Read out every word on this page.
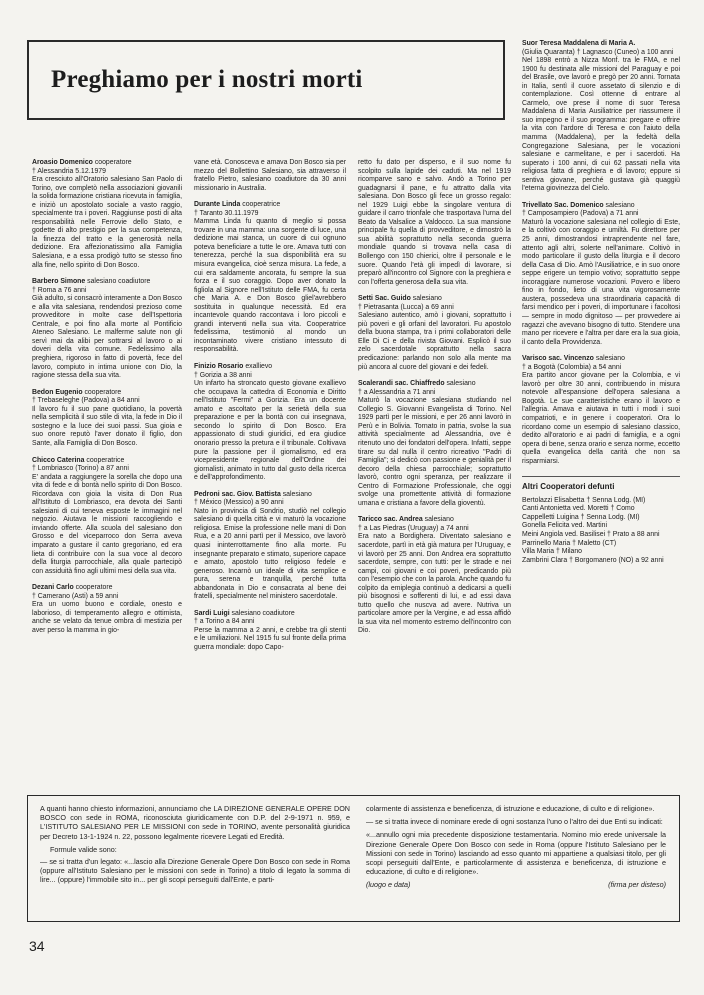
Preghiamo per i nostri morti
Aroasio Domenico cooperatore
† Alessandria 5.12.1979
Era cresciuto all'Oratorio salesiano San Paolo di Torino, ove completò nella associazioni giovanili la solida formazione cristiana ricevuta in famiglia, e iniziò un apostolato sociale a vasto raggio, specialmente tra i poveri. Raggiunse posti di alta responsabilità nelle Ferrovie dello Stato, e godette di alto prestigio per la sua competenza, la finezza del tratto e la generosità nella dedizione. Era affezionatissimo alla Famiglia Salesiana, e a essa prodigò tutto se stesso fino alla fine, nello spirito di Don Bosco.
Barbero Simone salesiano coadiutore
† Roma a 76 anni
Già adulto, si consacrò interamente a Don Bosco e alla vita salesiana, rendendosi prezioso come provveditore in molte case dell'Ispettoria Centrale, e poi fino alla morte al Pontificio Ateneo Salesiano. Le malferme salute non gli servì mai da alibi per sottrarsi al lavoro o ai doveri della vita comune. Fedelissimo alla preghiera, rigoroso in fatto di povertà, fece del lavoro, compiuto in intima unione con Dio, la ragione stessa della sua vita.
Bedon Eugenio cooperatore
† Trebaseleghe (Padova) a 84 anni
Il lavoro fu il suo pane quotidiano, la povertà nella semplicità il suo stile di vita, la fede in Dio il sostegno e la luce dei suoi passi. Sua gioia e suo onore reputò l'aver donato il figlio, don Sante, alla Famiglia di Don Bosco.
Chicco Caterina cooperatrice
† Lombriasco (Torino) a 87 anni
E' andata a raggiungere la sorella che dopo una vita di fede e di bontà nello spirito di Don Bosco. Ricordava con gioia la visita di Don Rua all'Istituto di Lombriasco, era devota dei Santi salesiani di cui teneva esposte le immagini nel negozio. Aiutava le missioni raccogliendo e inviando offerte. Alla scuola del salesiano don Grosso e del viceparroco don Serra aveva imparato a gustare il canto gregoriano, ed era lieta di contribuire con la sua voce al decoro della liturgia parrocchiale, alla quale partecipò con assiduità fino agli ultimi mesi della sua vita.
Dezani Carlo cooperatore
† Camerano (Asti) a 59 anni
Era un uomo buono e cordiale, onesto e laborioso, di temperamento allegro e ottimista, anche se velato da tenue ombra di mestizia per aver perso la mamma in gio-
vane età. Conosceva e amava Don Bosco sia per mezzo del Bollettino Salesiano, sia attraverso il fratello Pietro, salesiano coadiutore da 30 anni missionario in Australia.
Durante Linda cooperatrice
† Taranto 30.11.1979
Mamma Linda fu quanto di meglio si possa trovare in una mamma: una sorgente di luce, una dedizione mai stanca, un cuore di cui ognuno poteva beneficiare a tutte le ore. Amava tutti con tenerezza, perché la sua disponibilità era su misura evangelica, cioè senza misura. La fede, a cui era saldamente ancorata, fu sempre la sua forza e il suo coraggio. Dopo aver donato la figliola al Signore nell'Istituto delle FMA, fu certa che Maria A. e Don Bosco gliel'avrebbero sostituita in qualunque necessità. Ed era incantevole quando raccontava i loro piccoli e grandi interventi nella sua vita. Cooperatrice fedelissima, testimoniò al mondo un incontaminato vivere cristiano intessuto di responsabilità.
Finizio Rosario exallievo
† Gorizia a 38 anni
Un infarto ha stroncato questo giovane exallievo che occupava la cattedra di Economia e Diritto nell'Istituto "Fermi" a Gorizia. Era un docente amato e ascoltato per la serietà della sua preparazione e per la bontà con cui insegnava, secondo lo spirito di Don Bosco. Era appassionato di studi giuridici, ed era giudice onorario presso la pretura e il tribunale. Coltivava pure la passione per il giornalismo, ed era vicepresidente regionale dell'Ordine dei giornalisti, animato in tutto dal gusto della ricerca e dell'approfondimento.
Pedroni sac. Giov. Battista salesiano
† México (Messico) a 90 anni
Nato in provincia di Sondrio, studiò nel collegio salesiano di quella città e vi maturò la vocazione religiosa. Emise la professione nelle mani di Don Rua, e a 20 anni partì per il Messico, ove lavorò quasi ininterrottamente fino alla morte. Fu insegnante preparato e stimato, superiore capace e amato, apostolo tutto religioso fedele e generoso. Incarnò un ideale di vita semplice e pura, serena e tranquilla, perché tutta abbandonata in Dio e consacrata al bene dei fratelli, specialmente nel ministero sacerdotale.
Sardi Luigi salesiano coadiutore
† a Torino a 84 anni
Perse la mamma a 2 anni, e crebbe tra gli stenti e le umiliazioni. Nel 1915 fu sul fronte della prima guerra mondiale: dopo Capo-
retto fu dato per disperso, e il suo nome fu scolpito sulla lapide dei caduti. Ma nel 1919 ricomparve sano e salvo. Andò a Torino per guadagnarsi il pane, e fu attratto dalla vita salesiana. Don Bosco gli fece un grosso regalo: nel 1929 Luigi ebbe la singolare ventura di guidare il carro trionfale che trasportava l'urna del Beato da Valsalice a Valdocco. La sua mansione principale fu quella di provveditore, e dimostrò la sua abilità soprattutto nella seconda guerra mondiale quando si trovava nella casa di Bollengo con 150 chierici, oltre il personale e le suore. Quando l'età gli impedì di lavorare, si preparò all'incontro col Signore con la preghiera e con l'offerta generosa della sua vita.
Setti Sac. Guido salesiano
† Pietrasanta (Lucca) a 69 anni
Salesiano autentico, amò i giovani, soprattutto i più poveri e gli orfani del lavoratori. Fu apostolo della buona stampa, tra i primi collaboratori delle Elle Di Ci e della rivista Giovani. Esplicò il suo zelo sacerdotale soprattutto nella sacra predicazione: parlando non solo alla mente ma più ancora al cuore del giovani e dei fedeli.
Scalerandi sac. Chiaffredo salesiano
† a Alessandria a 71 anni
Maturò la vocazione salesiana studiando nel Collegio S. Giovanni Evangelista di Torino. Nel 1929 partì per le missioni, e per 26 anni lavorò in Perù e in Bolivia. Tornato in patria, svolse la sua attività specialmente ad Alessandria, ove è ritenuto uno dei fondatori dell'opera. Infatti, seppe tirare su dal nulla il centro ricreativo "Padri di Famiglia"; si dedicò con passione e genialità per il decoro della chiesa parrocchiale; soprattutto lavorò, contro ogni speranza, per realizzare il Centro di Formazione Professionale, che oggi svolge una promettente attività di formazione umana e cristiana a favore della gioventù.
Taricco sac. Andrea salesiano
† a Las Piedras (Uruguay) a 74 anni
Era nato a Bordighera. Diventato salesiano e sacerdote, partì in età già matura per l'Uruguay, e vi lavorò per 25 anni. Don Andrea era soprattutto sacerdote, sempre, con tutti: per le strade e nei campi, coi giovani e coi poveri, predicando più con l'esempio che con la parola. Anche quando fu colpito da emiplegia continuò a dedicarsi a quelli più bisognosi e sofferenti di lui, e ad essi dava tutto quello che nuscva ad avere. Nutriva un particolare amore per la Vergine, e ad essa affidò la sua vita nel momento estremo dell'incontro con Dio.
Suor Teresa Maddalena di Maria A.
(Giulia Quaranta) † Lagnasco (Cuneo) a 100 anni
Nel 1898 entrò a Nizza Monf. tra le FMA, e nel 1900 fu destinata alle missioni del Paraguay e poi del Brasile, ove lavorò e pregò per 20 anni. Tornata in Italia, sentì il cuore assetato di silenzio e di contemplazione. Così ottenne di entrare al Carmelo, ove prese il nome di suor Teresa Maddalena di Maria Ausiliatrice per riassumere il suo impegno e il suo programma: pregare e offrire la vita con l'ardore di Teresa e con l'aiuto della mamma (Maddalena), per la fedeltà della Congregazione Salesiana, per le vocazioni salesiane e carmelitane, e per i sacerdoti. Ha superato i 100 anni, di cui 62 passati nella vita religiosa fatta di preghiera e di lavoro; eppure si sentiva giovane, perché gustava già quaggiù l'eterna giovinezza del Cielo.
Trivellato Sac. Domenico salesiano
† Camposampiero (Padova) a 71 anni
Maturò la vocazione salesiana nel collegio di Este, e la coltivò con coraggio e umiltà. Fu direttore per 25 anni, dimostrandosi intraprendente nel fare, attento agli altri, solerte nell'animare. Coltivò in modo particolare il gusto della liturgia e il decoro della Casa di Dio. Amò l'Ausiliatrice, e in suo onore seppe erigere un tempio votivo; soprattutto seppe incoraggiare numerose vocazioni. Povero e libero fino in fondo, lieto di una vita vigorosamente austera, possedeva una straordinaria capacità di farsi mendico per i poveri, di importunare i facoltosi — sempre in modo dignitoso — per provvedere ai ragazzi che avevano bisogno di tutto. Stendere una mano per ricevere e l'altra per dare era la sua gioia, il canto della Provvidenza.
Varisco sac. Vincenzo salesiano
† a Bogotà (Colombia) a 54 anni
Era partito ancor giovane per la Colombia, e vi lavorò per oltre 30 anni, contribuendo in misura notevole all'espansione dell'opera salesiana a Bogotà. Le sue caratteristiche erano il lavoro e l'allegria. Amava e aiutava in tutti i modi i suoi compatrioti, e in genere i cooperatori. Ora lo ricordano come un esempio di salesiano classico, dedito all'oratorio e ai padri di famiglia, e a ogni opera di bene, senza orario e senza norme, eccetto quella evangelica della carità che non sa risparmiarsi.
Altri Cooperatori defunti
Bertolazzi Elisabetta † Senna Lodg. (MI)
Canti Antonietta ved. Moretti † Como
Cappelletti Luigina † Senna Lodg. (MI)
Gonella Felicita ved. Martini
Meini Angiola ved. Basilisei † Prato a 88 anni
Parrinello Maria † Maletto (CT)
Villa Maria † Milano
Zambrini Clara † Borgomanero (NO) a 92 anni

A quanti hanno chiesto informazioni, annunciamo che LA DIREZIONE GENERALE OPERE DON BOSCO con sede in ROMA, riconosciuta giuridicamente con D.P. del 2-9-1971 n. 959, e L'ISTITUTO SALESIANO PER LE MISSIONI con sede in TORINO, avente personalità giuridica per Decreto 13-1-1924 n. 22, possono legalmente ricevere Legati ed Eredità.

Formule valide sono:

— se si tratta d'un legato: «...lascio alla Direzione Generale Opere Don Bosco con sede in Roma (oppure all'Istituto Salesiano per le missioni con sede in Torino) a titolo di legato la somma di lire... (oppure) l'immobile sito in... per gli scopi perseguiti dall'Ente, e parti-

colarmente di assistenza e beneficenza, di istruzione e educazione, di culto e di religione».

— se si tratta invece di nominare erede di ogni sostanza l'uno o l'altro dei due Enti su indicati:

«...annullo ogni mia precedente disposizione testamentaria. Nomino mio erede universale la Direzione Generale Opere Don Bosco con sede in Roma (oppure l'Istituto Salesiano per le Missioni con sede in Torino) lasciando ad esso quanto mi appartiene a qualsiasi titolo, per gli scopi perseguiti dall'Ente, e particolarmente di assistenza e beneficenza, di istruzione e educazione, di culto e di religione».

(luogo e data)	(firma per disteso)

34
